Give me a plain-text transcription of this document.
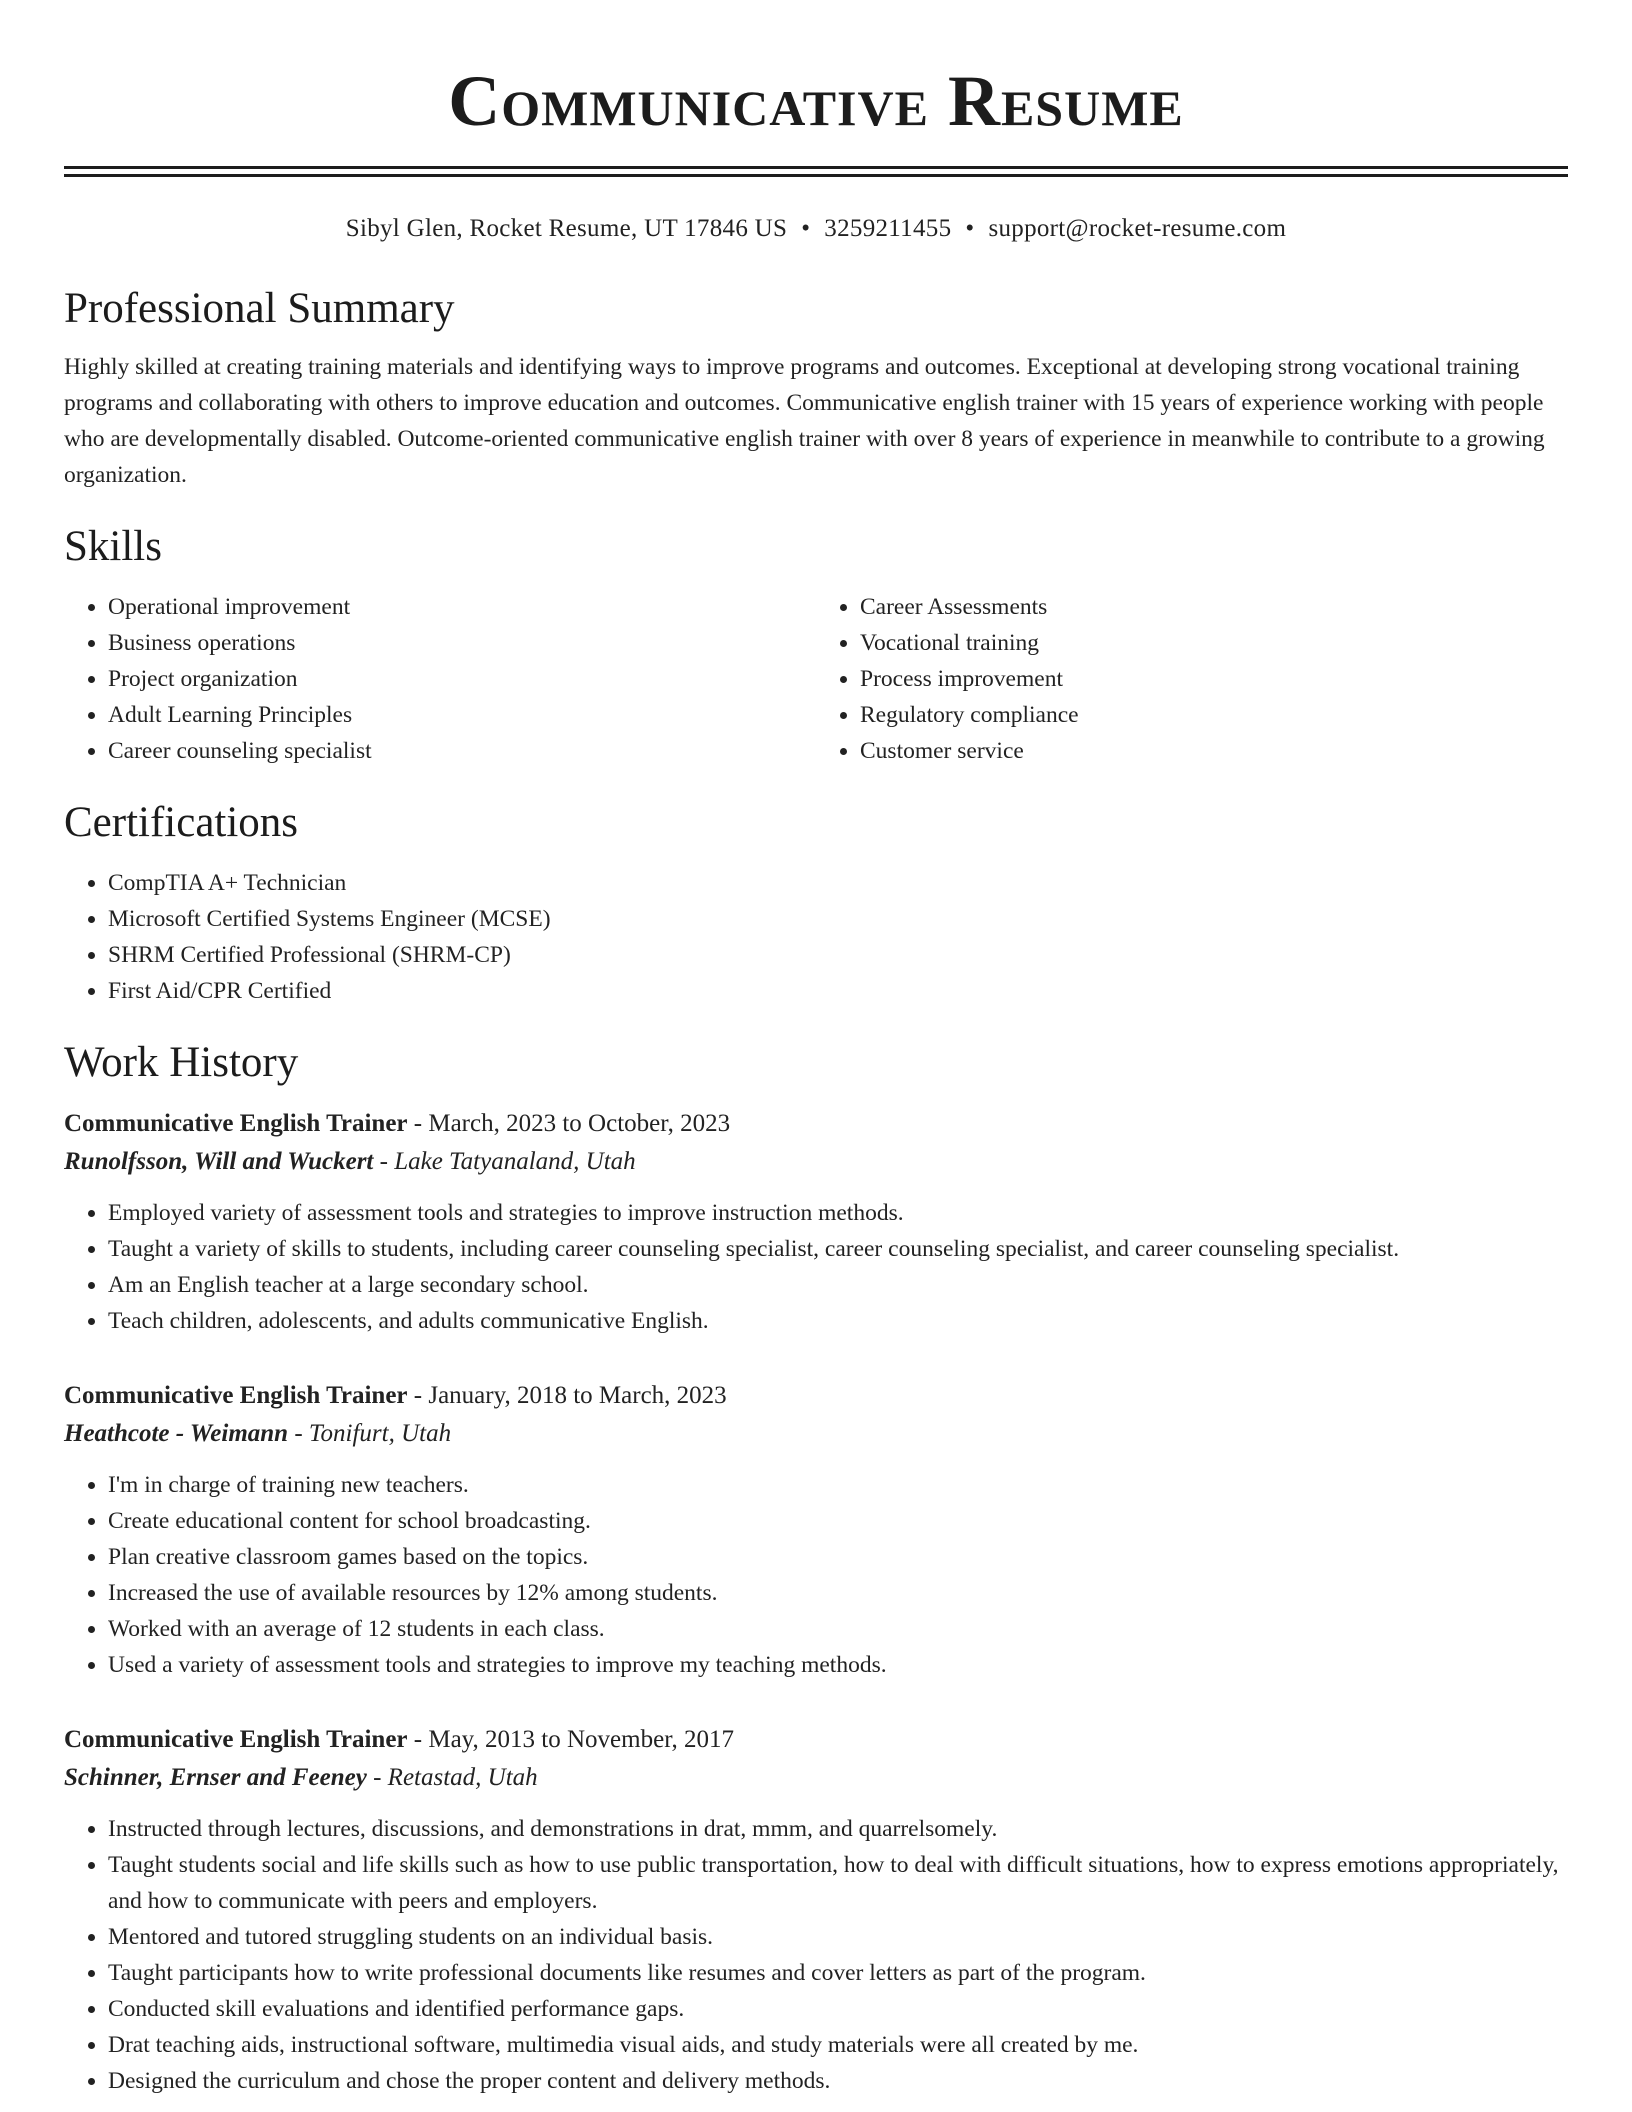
Communicative Resume
Sibyl Glen, Rocket Resume, UT 17846 US • 3259211455 • support@rocket-resume.com
Professional Summary

Highly skilled at creating training materials and identifying ways to improve programs and outcomes. Exceptional at developing strong vocational training programs and collaborating with others to improve education and outcomes. Communicative english trainer with 15 years of experience working with people who are developmentally disabled. Outcome-oriented communicative english trainer with over 8 years of experience in meanwhile to contribute to a growing organization.

Skills
• Operational improvement
• Business operations
• Project organization
• Adult Learning Principles
• Career counseling specialist
• Career Assessments
• Vocational training
• Process improvement
• Regulatory compliance
• Customer service
Certifications
• CompTIA A+ Technician
• Microsoft Certified Systems Engineer (MCSE)
• SHRM Certified Professional (SHRM-CP)
• First Aid/CPR Certified
Work History
Communicative English Trainer - March, 2023 to October, 2023
Runolfsson, Will and Wuckert - Lake Tatyanaland, Utah
• Employed variety of assessment tools and strategies to improve instruction methods.
• Taught a variety of skills to students, including career counseling specialist, career counseling specialist, and career counseling specialist.
• Am an English teacher at a large secondary school.
• Teach children, adolescents, and adults communicative English.
Communicative English Trainer - January, 2018 to March, 2023
Heathcote - Weimann - Tonifurt, Utah
• I'm in charge of training new teachers.
• Create educational content for school broadcasting.
• Plan creative classroom games based on the topics.
• Increased the use of available resources by 12% among students.
• Worked with an average of 12 students in each class.
• Used a variety of assessment tools and strategies to improve my teaching methods.
Communicative English Trainer - May, 2013 to November, 2017
Schinner, Ernser and Feeney - Retastad, Utah
• Instructed through lectures, discussions, and demonstrations in drat, mmm, and quarrelsomely.
• Taught students social and life skills such as how to use public transportation, how to deal with difficult situations, how to express emotions appropriately, and how to communicate with peers and employers.
• Mentored and tutored struggling students on an individual basis.
• Taught participants how to write professional documents like resumes and cover letters as part of the program.
• Conducted skill evaluations and identified performance gaps.
• Drat teaching aids, instructional software, multimedia visual aids, and study materials were all created by me.
• Designed the curriculum and chose the proper content and delivery methods.
